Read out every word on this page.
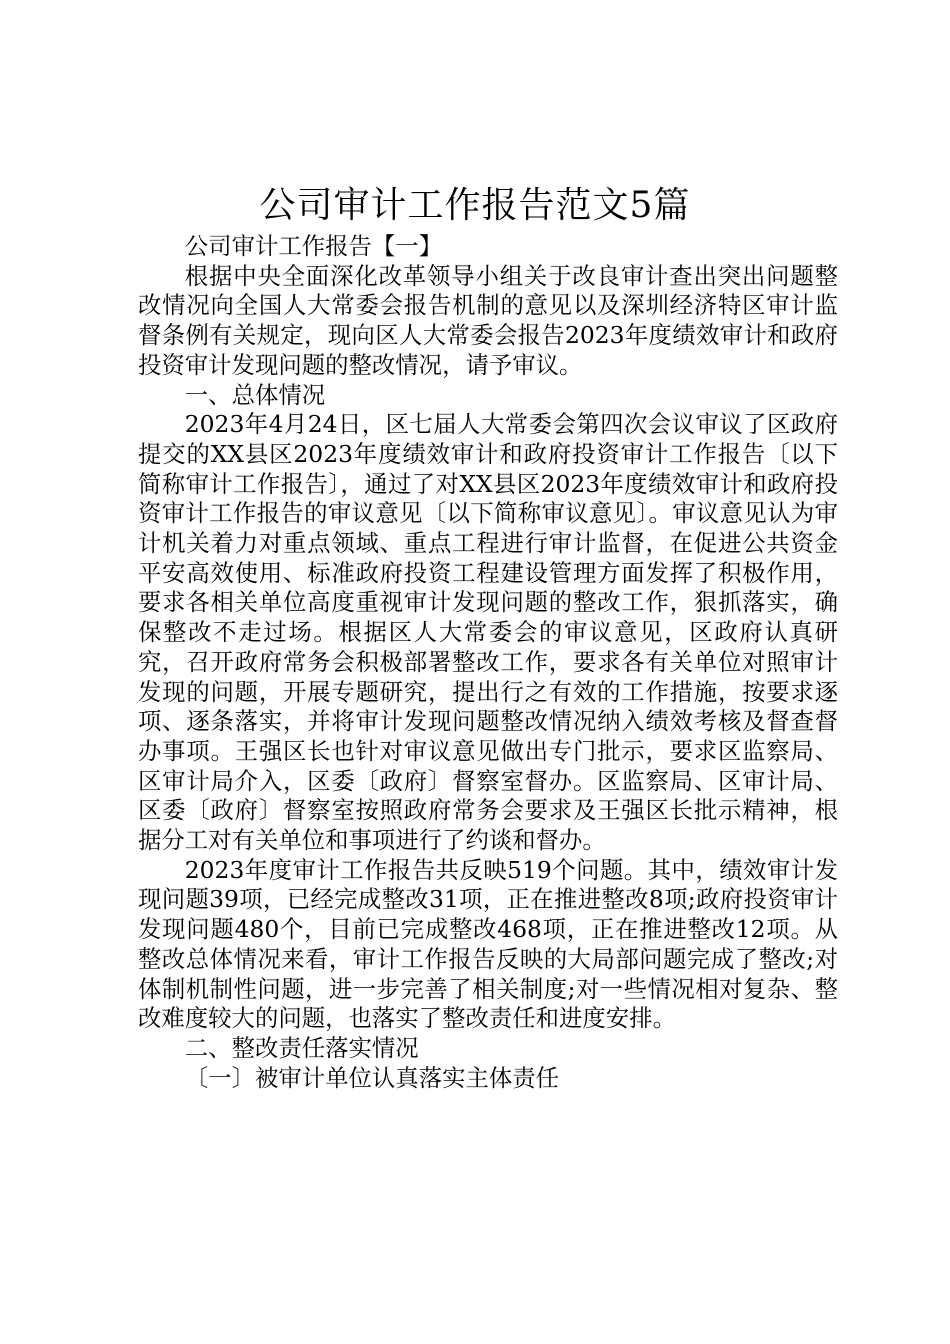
公司审计工作报告范文5篇

公司审计工作报告【一】

根据中央全面深化改革领导小组关于改良审计查出突出问题整改情况向全国人大常委会报告机制的意见以及深圳经济特区审计监督条例有关规定，现向区人大常委会报告2023年度绩效审计和政府投资审计发现问题的整改情况，请予审议。

一、总体情况

2023年4月24日，区七届人大常委会第四次会议审议了区政府提交的XX县区2023年度绩效审计和政府投资审计工作报告〔以下简称审计工作报告〕，通过了对XX县区2023年度绩效审计和政府投资审计工作报告的审议意见〔以下简称审议意见〕。审议意见认为审计机关着力对重点领域、重点工程进行审计监督，在促进公共资金平安高效使用、标准政府投资工程建设管理方面发挥了积极作用，要求各相关单位高度重视审计发现问题的整改工作，狠抓落实，确保整改不走过场。根据区人大常委会的审议意见，区政府认真研究，召开政府常务会积极部署整改工作，要求各有关单位对照审计发现的问题，开展专题研究，提出行之有效的工作措施，按要求逐项、逐条落实，并将审计发现问题整改情况纳入绩效考核及督查督办事项。王强区长也针对审议意见做出专门批示，要求区监察局、区审计局介入，区委〔政府〕督察室督办。区监察局、区审计局、区委〔政府〕督察室按照政府常务会要求及王强区长批示精神，根据分工对有关单位和事项进行了约谈和督办。

2023年度审计工作报告共反映519个问题。其中，绩效审计发现问题39项，已经完成整改31项，正在推进整改8项;政府投资审计发现问题480个，目前已完成整改468项，正在推进整改12项。从整改总体情况来看，审计工作报告反映的大局部问题完成了整改;对体制机制性问题，进一步完善了相关制度;对一些情况相对复杂、整改难度较大的问题，也落实了整改责任和进度安排。

二、整改责任落实情况

〔一〕被审计单位认真落实主体责任
